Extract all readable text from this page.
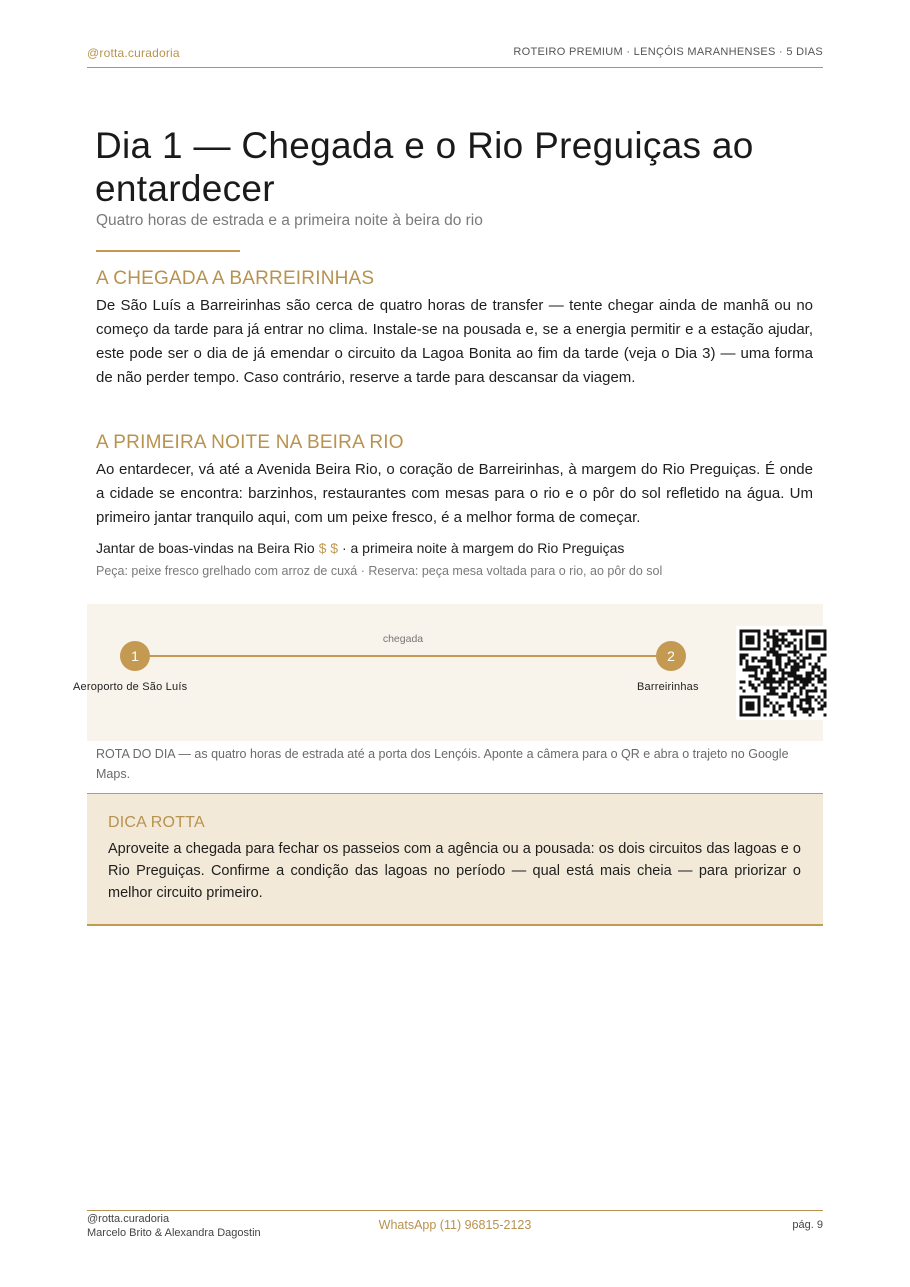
@rotta.curadoria	ROTEIRO PREMIUM · LENÇÓIS MARANHENSES · 5 DIAS
Dia 1 — Chegada e o Rio Preguiças ao entardecer
Quatro horas de estrada e a primeira noite à beira do rio
A CHEGADA A BARREIRINHAS

De São Luís a Barreirinhas são cerca de quatro horas de transfer — tente chegar ainda de manhã ou no começo da tarde para já entrar no clima. Instale-se na pousada e, se a energia permitir e a estação ajudar, este pode ser o dia de já emendar o circuito da Lagoa Bonita ao fim da tarde (veja o Dia 3) — uma forma de não perder tempo. Caso contrário, reserve a tarde para descansar da viagem.

A PRIMEIRA NOITE NA BEIRA RIO

Ao entardecer, vá até a Avenida Beira Rio, o coração de Barreirinhas, à margem do Rio Preguiças. É onde a cidade se encontra: barzinhos, restaurantes com mesas para o rio e o pôr do sol refletido na água. Um primeiro jantar tranquilo aqui, com um peixe fresco, é a melhor forma de começar.

Jantar de boas-vindas na Beira Rio $ $ · a primeira noite à margem do Rio Preguiças
Peça: peixe fresco grelhado com arroz de cuxá · Reserva: peça mesa voltada para o rio, ao pôr do sol
chegada
1
Aeroporto de São Luís
2
Barreirinhas
ROTA DO DIA — as quatro horas de estrada até a porta dos Lençóis. Aponte a câmera para o QR e abra o trajeto no Google Maps.
DICA ROTTA

Aproveite a chegada para fechar os passeios com a agência ou a pousada: os dois circuitos das lagoas e o Rio Preguiças. Confirme a condição das lagoas no período — qual está mais cheia — para priorizar o melhor circuito primeiro.

@rotta.curadoria
Marcelo Brito & Alexandra Dagostin
WhatsApp (11) 96815-2123	pág. 9
